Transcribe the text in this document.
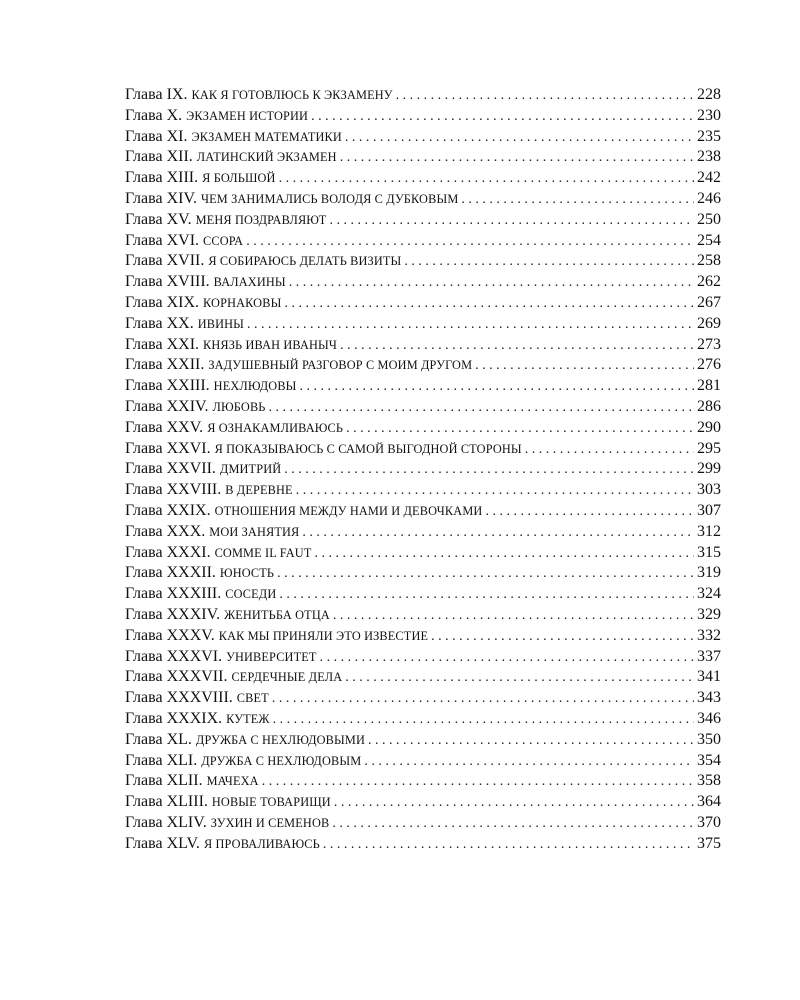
Глава IX. КАК Я ГОТОВЛЮСЬ К ЭКЗАМЕНУ . . .	228
Глава X. ЭКЗАМЕН ИСТОРИИ . . .	230
Глава XI. ЭКЗАМЕН МАТЕМАТИКИ . . .	235
Глава XII. ЛАТИНСКИЙ ЭКЗАМЕН . . .	238
Глава XIII. Я БОЛЬШОЙ . . .	242
Глава XIV. ЧЕМ ЗАНИМАЛИСЬ ВОЛОДЯ С ДУБКОВЫМ . . .	246
Глава XV. МЕНЯ ПОЗДРАВЛЯЮТ . . .	250
Глава XVI. ССОРА . . .	254
Глава XVII. Я СОБИРАЮСЬ ДЕЛАТЬ ВИЗИТЫ . . .	258
Глава XVIII. ВАЛАХИНЫ . . .	262
Глава XIX. КОРНАКОВЫ . . .	267
Глава XX. ИВИНЫ . . .	269
Глава XXI. КНЯЗЬ ИВАН ИВАНЫЧ . . .	273
Глава XXII. ЗАДУШЕВНЫЙ РАЗГОВОР С МОИМ ДРУГОМ . . .	276
Глава XXIII. НЕХЛЮДОВЫ . . .	281
Глава XXIV. ЛЮБОВЬ . . .	286
Глава XXV. Я ОЗНАКАМЛИВАЮСЬ . . .	290
Глава XXVI. Я ПОКАЗЫВАЮСЬ С САМОЙ ВЫГОДНОЙ СТОРОНЫ . . .	295
Глава XXVII. ДМИТРИЙ . . .	299
Глава XXVIII. В ДЕРЕВНЕ . . .	303
Глава XXIX. ОТНОШЕНИЯ МЕЖДУ НАМИ И ДЕВОЧКАМИ . . .	307
Глава XXX. МОИ ЗАНЯТИЯ . . .	312
Глава XXXI. COMME IL FAUT . . .	315
Глава XXXII. ЮНОСТЬ . . .	319
Глава XXXIII. СОСЕДИ . . .	324
Глава XXXIV. ЖЕНИТЬБА ОТЦА . . .	329
Глава XXXV. КАК МЫ ПРИНЯЛИ ЭТО ИЗВЕСТИЕ . . .	332
Глава XXXVI. УНИВЕРСИТЕТ . . .	337
Глава XXXVII. СЕРДЕЧНЫЕ ДЕЛА . . .	341
Глава XXXVIII. СВЕТ . . .	343
Глава XXXIX. КУТЕЖ . . .	346
Глава XL. ДРУЖБА С НЕХЛЮДОВЫМИ . . .	350
Глава XLI. ДРУЖБА С НЕХЛЮДОВЫМ . . .	354
Глава XLII. МАЧЕХА . . .	358
Глава XLIII. НОВЫЕ ТОВАРИЩИ . . .	364
Глава XLIV. ЗУХИН И СЕМЕНОВ . . .	370
Глава XLV. Я ПРОВАЛИВАЮСЬ . . .	375
